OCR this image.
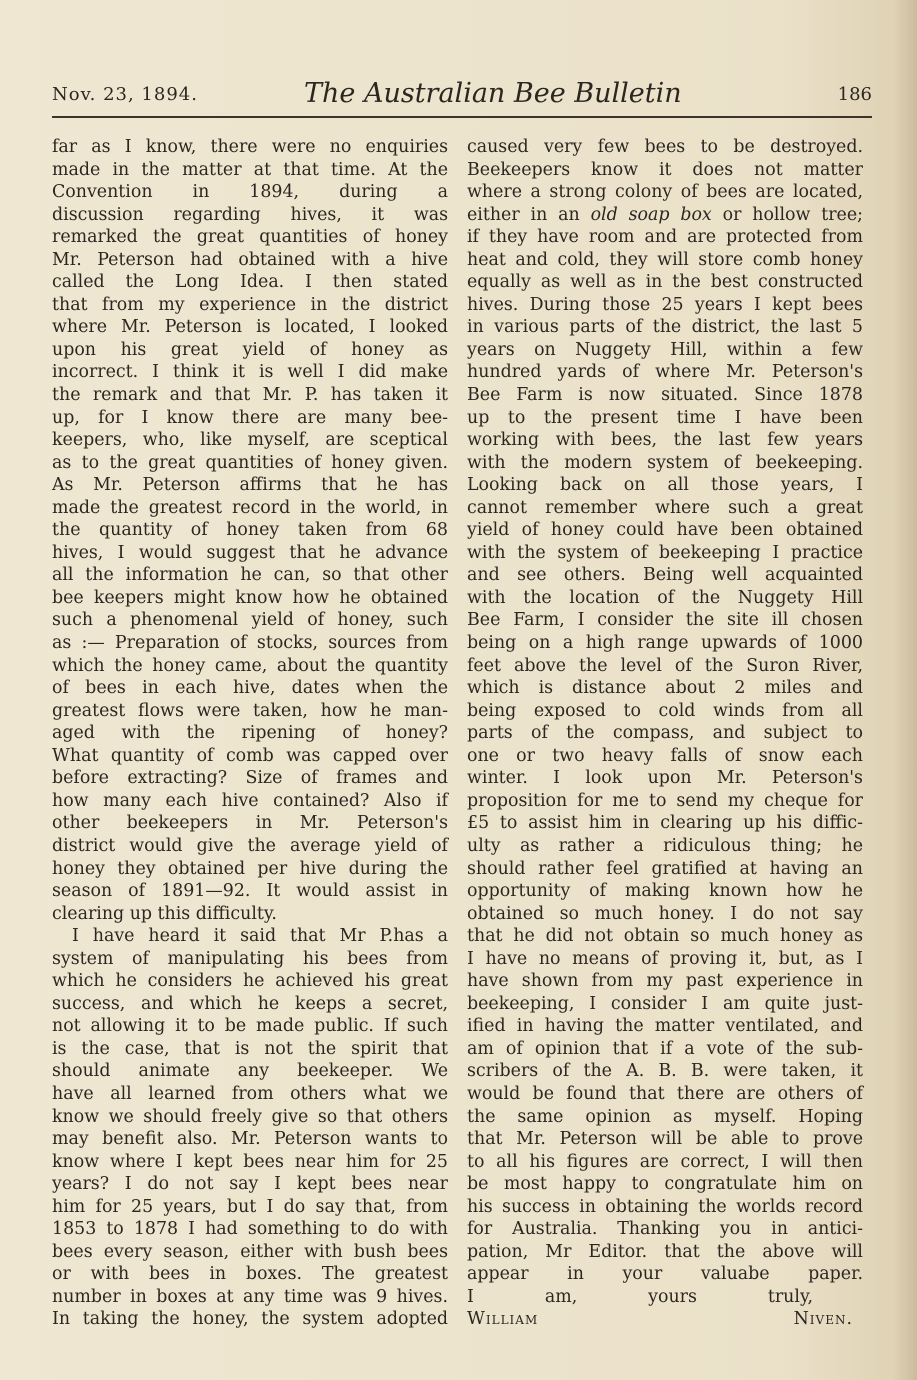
Nov. 23, 1894.	The Australian Bee Bulletin	186

far as I know, there were no enquiries

made in the matter at that time. At the

Convention in 1894, during a

discussion regarding hives, it was

remarked the great quantities of honey

Mr. Peterson had obtained with a hive

called the Long Idea. I then stated

that from my experience in the district

where Mr. Peterson is located, I looked

upon his great yield of honey as

incorrect. I think it is well I did make

the remark and that Mr. P. has taken it

up, for I know there are many bee-

keepers, who, like myself, are sceptical

as to the great quantities of honey given.

As Mr. Peterson affirms that he has

made the greatest record in the world, in

the quantity of honey taken from 68

hives, I would suggest that he advance

all the information he can, so that other

bee keepers might know how he obtained

such a phenomenal yield of honey, such

as :— Preparation of stocks, sources from

which the honey came, about the quantity

of bees in each hive, dates when the

greatest flows were taken, how he man-

aged with the ripening of honey?

What quantity of comb was capped over

before extracting? Size of frames and

how many each hive contained? Also if

other beekeepers in Mr. Peterson's

district would give the average yield of

honey they obtained per hive during the

season of 1891—92. It would assist in

clearing up this difficulty.

I have heard it said that Mr P.has a

system of manipulating his bees from

which he considers he achieved his great

success, and which he keeps a secret,

not allowing it to be made public. If such

is the case, that is not the spirit that

should animate any beekeeper. We

have all learned from others what we

know we should freely give so that others

may benefit also. Mr. Peterson wants to

know where I kept bees near him for 25

years? I do not say I kept bees near

him for 25 years, but I do say that, from

1853 to 1878 I had something to do with

bees every season, either with bush bees

or with bees in boxes. The greatest

number in boxes at any time was 9 hives.

In taking the honey, the system adopted

caused very few bees to be destroyed.

Beekeepers know it does not matter

where a strong colony of bees are located,

either in an old soap box or hollow tree;

if they have room and are protected from

heat and cold, they will store comb honey

equally as well as in the best constructed

hives. During those 25 years I kept bees

in various parts of the district, the last 5

years on Nuggety Hill, within a few

hundred yards of where Mr. Peterson's

Bee Farm is now situated. Since 1878

up to the present time I have been

working with bees, the last few years

with the modern system of beekeeping.

Looking back on all those years, I

cannot remember where such a great

yield of honey could have been obtained

with the system of beekeeping I practice

and see others. Being well acquainted

with the location of the Nuggety Hill

Bee Farm, I consider the site ill chosen

being on a high range upwards of 1000

feet above the level of the Suron River,

which is distance about 2 miles and

being exposed to cold winds from all

parts of the compass, and subject to

one or two heavy falls of snow each

winter. I look upon Mr. Peterson's

proposition for me to send my cheque for

£5 to assist him in clearing up his diffic-

ulty as rather a ridiculous thing; he

should rather feel gratified at having an

opportunity of making known how he

obtained so much honey. I do not say

that he did not obtain so much honey as

I have no means of proving it, but, as I

have shown from my past experience in

beekeeping, I consider I am quite just-

ified in having the matter ventilated, and

am of opinion that if a vote of the sub-

scribers of the A. B. B. were taken, it

would be found that there are others of

the same opinion as myself. Hoping

that Mr. Peterson will be able to prove

to all his figures are correct, I will then

be most happy to congratulate him on

his success in obtaining the worlds record

for Australia. Thanking you in antici-

pation, Mr Editor. that the above will

appear in your valuabe paper.

I am, yours truly,

William Niven.
